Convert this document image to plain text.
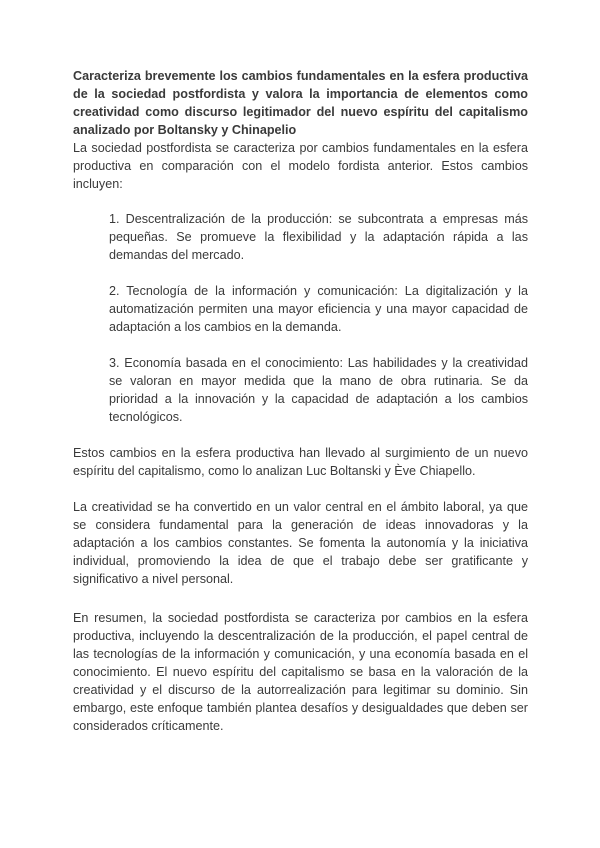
Caracteriza brevemente los cambios fundamentales en la esfera productiva de la sociedad postfordista y valora la importancia de elementos como creatividad como discurso legitimador del nuevo espíritu del capitalismo analizado por Boltansky y Chinapelio

La sociedad postfordista se caracteriza por cambios fundamentales en la esfera productiva en comparación con el modelo fordista anterior. Estos cambios incluyen:

1. Descentralización de la producción: se subcontrata a empresas más pequeñas. Se promueve la flexibilidad y la adaptación rápida a las demandas del mercado.
2. Tecnología de la información y comunicación: La digitalización y la automatización permiten una mayor eficiencia y una mayor capacidad de adaptación a los cambios en la demanda.
3. Economía basada en el conocimiento: Las habilidades y la creatividad se valoran en mayor medida que la mano de obra rutinaria. Se da prioridad a la innovación y la capacidad de adaptación a los cambios tecnológicos.

Estos cambios en la esfera productiva han llevado al surgimiento de un nuevo espíritu del capitalismo, como lo analizan Luc Boltanski y Ève Chiapello.

La creatividad se ha convertido en un valor central en el ámbito laboral, ya que se considera fundamental para la generación de ideas innovadoras y la adaptación a los cambios constantes. Se fomenta la autonomía y la iniciativa individual, promoviendo la idea de que el trabajo debe ser gratificante y significativo a nivel personal.

En resumen, la sociedad postfordista se caracteriza por cambios en la esfera productiva, incluyendo la descentralización de la producción, el papel central de las tecnologías de la información y comunicación, y una economía basada en el conocimiento. El nuevo espíritu del capitalismo se basa en la valoración de la creatividad y el discurso de la autorrealización para legitimar su dominio. Sin embargo, este enfoque también plantea desafíos y desigualdades que deben ser considerados críticamente.
